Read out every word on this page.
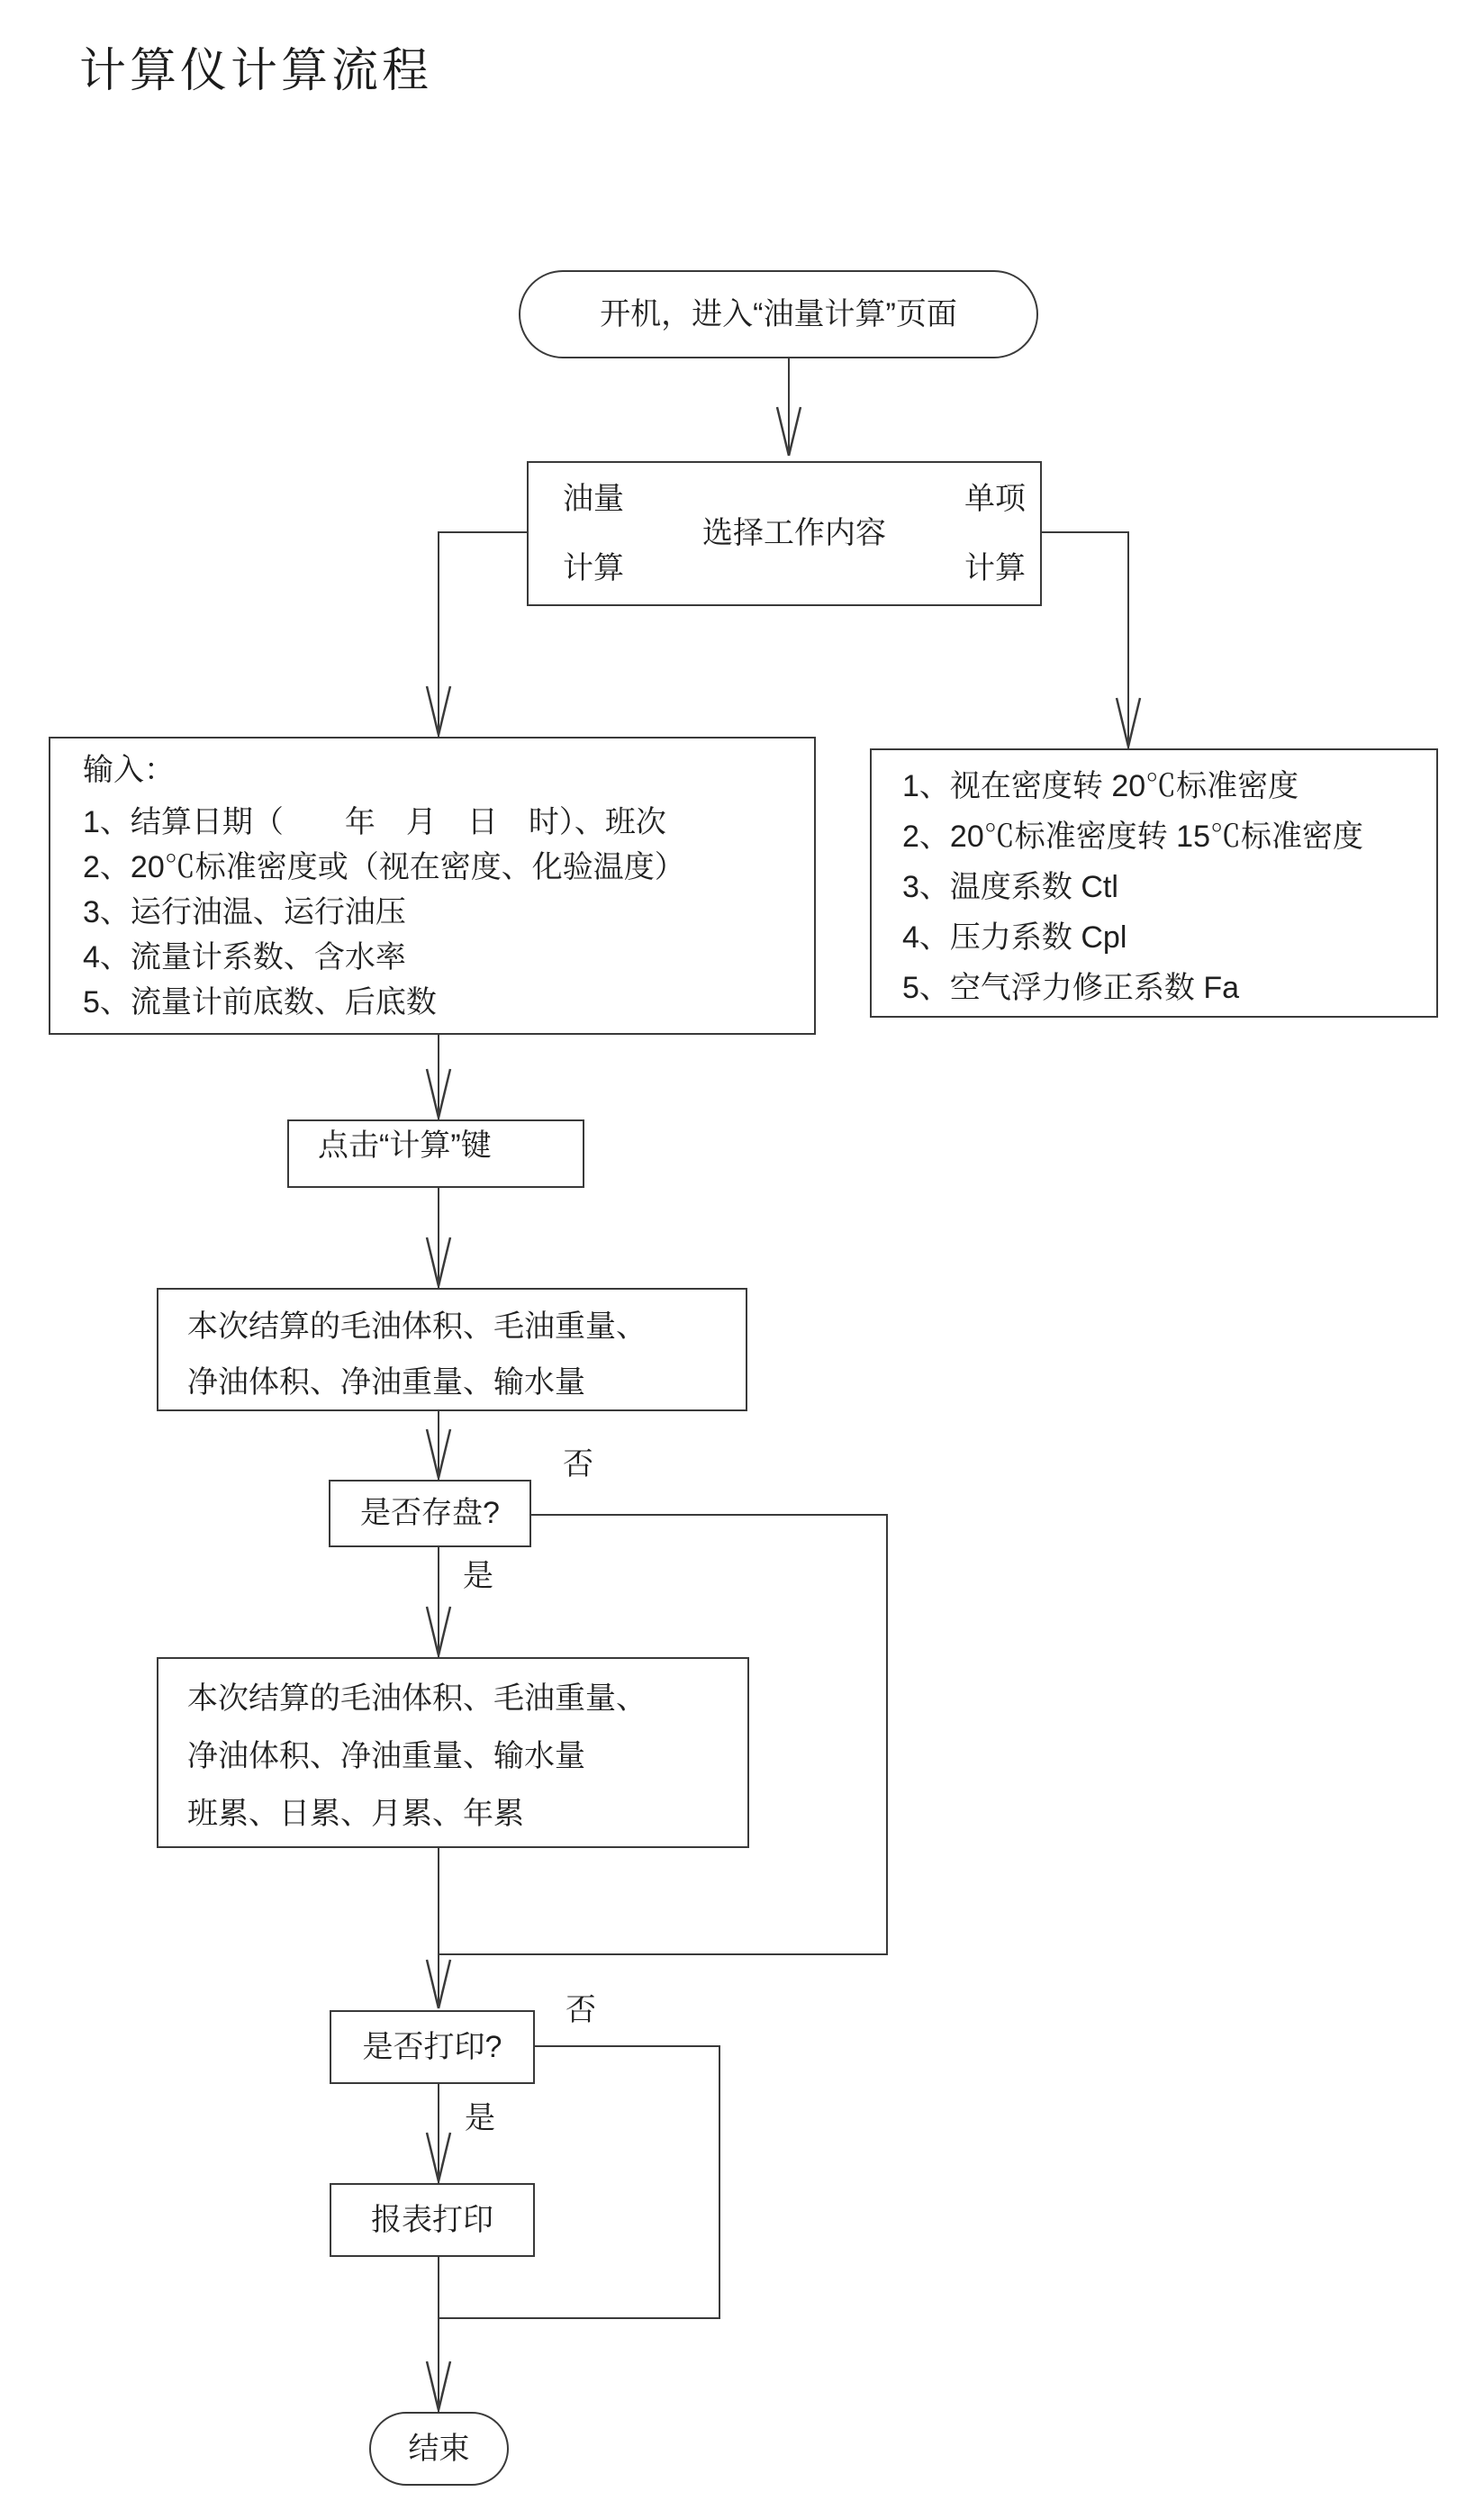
计算仪计算流程
开机，进入“油量计算”页面
油量
计算
选择工作内容
单项
计算
输入：
1、结算日期（　　年　月　日　时）、班次
2、20℃标准密度或（视在密度、化验温度）
3、运行油温、运行油压
4、流量计系数、含水率
5、流量计前底数、后底数
1、视在密度转 20℃标准密度
2、20℃标准密度转 15℃标准密度
3、温度系数 Ctl
4、压力系数 Cpl
5、空气浮力修正系数 Fa
点击“计算”键
本次结算的毛油体积、毛油重量、
净油体积、净油重量、输水量
是否存盘?
否
是
本次结算的毛油体积、毛油重量、
净油体积、净油重量、输水量
班累、日累、月累、年累
是否打印?
否
是
报表打印
结束
